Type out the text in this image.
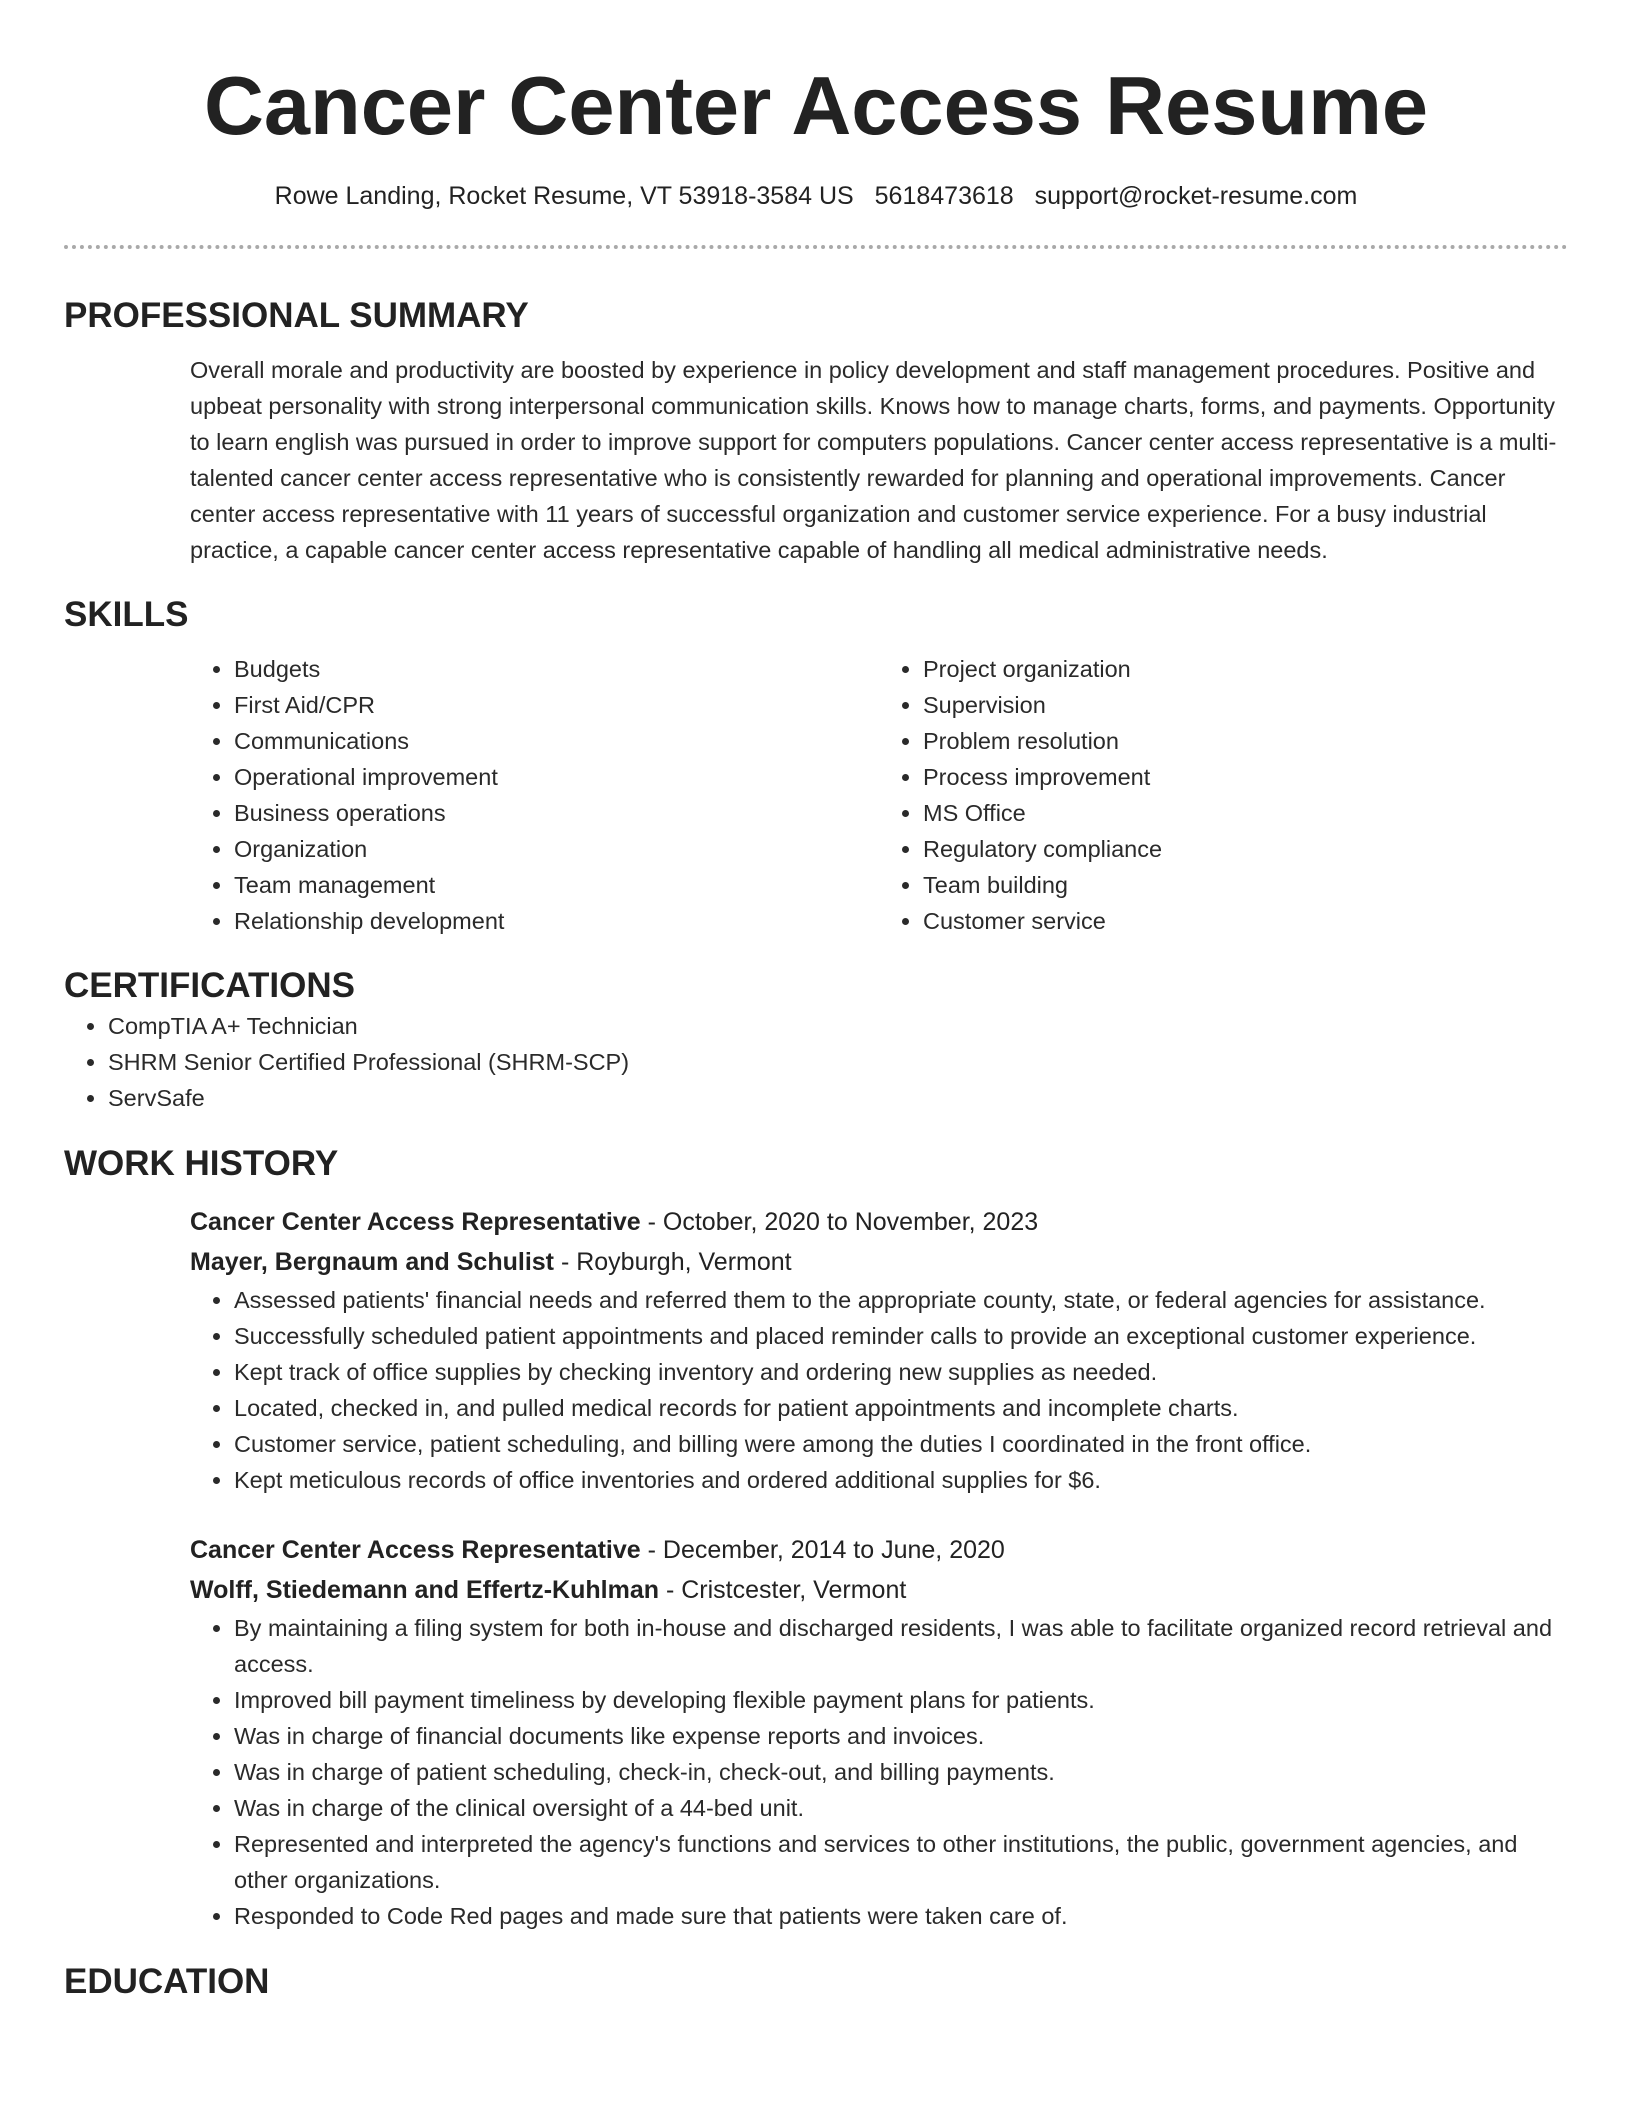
Cancer Center Access Resume
Rowe Landing, Rocket Resume, VT 53918-3584 US 5618473618 support@rocket-resume.com
PROFESSIONAL SUMMARY
Overall morale and productivity are boosted by experience in policy development and staff management procedures. Positive and upbeat personality with strong interpersonal communication skills. Knows how to manage charts, forms, and payments. Opportunity to learn english was pursued in order to improve support for computers populations. Cancer center access representative is a multi-talented cancer center access representative who is consistently rewarded for planning and operational improvements. Cancer center access representative with 11 years of successful organization and customer service experience. For a busy industrial practice, a capable cancer center access representative capable of handling all medical administrative needs.
SKILLS
• Budgets
• First Aid/CPR
• Communications
• Operational improvement
• Business operations
• Organization
• Team management
• Relationship development
• Project organization
• Supervision
• Problem resolution
• Process improvement
• MS Office
• Regulatory compliance
• Team building
• Customer service
CERTIFICATIONS
• CompTIA A+ Technician
• SHRM Senior Certified Professional (SHRM-SCP)
• ServSafe
WORK HISTORY
Cancer Center Access Representative - October, 2020 to November, 2023
Mayer, Bergnaum and Schulist - Royburgh, Vermont
• Assessed patients' financial needs and referred them to the appropriate county, state, or federal agencies for assistance.
• Successfully scheduled patient appointments and placed reminder calls to provide an exceptional customer experience.
• Kept track of office supplies by checking inventory and ordering new supplies as needed.
• Located, checked in, and pulled medical records for patient appointments and incomplete charts.
• Customer service, patient scheduling, and billing were among the duties I coordinated in the front office.
• Kept meticulous records of office inventories and ordered additional supplies for $6.
Cancer Center Access Representative - December, 2014 to June, 2020
Wolff, Stiedemann and Effertz-Kuhlman - Cristcester, Vermont
• By maintaining a filing system for both in-house and discharged residents, I was able to facilitate organized record retrieval and access.
• Improved bill payment timeliness by developing flexible payment plans for patients.
• Was in charge of financial documents like expense reports and invoices.
• Was in charge of patient scheduling, check-in, check-out, and billing payments.
• Was in charge of the clinical oversight of a 44-bed unit.
• Represented and interpreted the agency's functions and services to other institutions, the public, government agencies, and other organizations.
• Responded to Code Red pages and made sure that patients were taken care of.
EDUCATION
